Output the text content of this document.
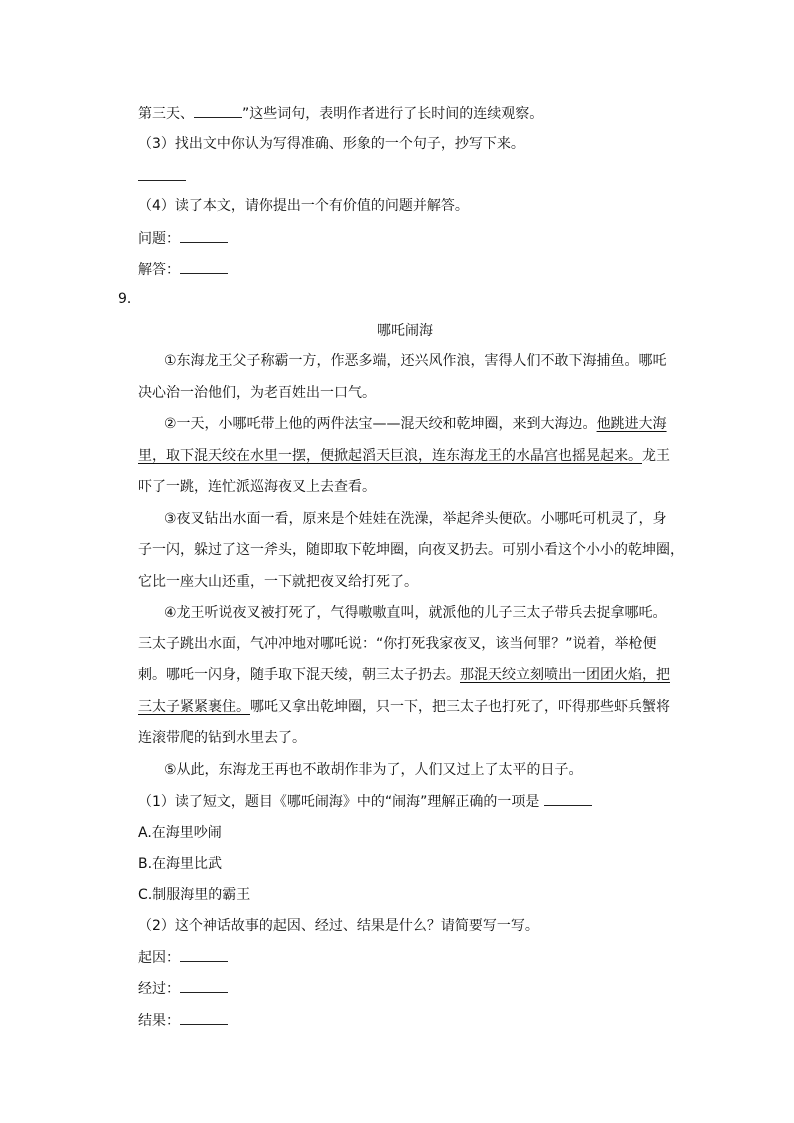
第三天、	”这些词句，表明作者进行了长时间的连续观察。
（3）找出文中你认为写得准确、形象的一个句子，抄写下来。
（4）读了本文，请你提出一个有价值的问题并解答。
问题：
解答：
9．
哪吒闹海
①东海龙王父子称霸一方，作恶多端，还兴风作浪，害得人们不敢下海捕鱼。哪吒
决心治一治他们，为老百姓出一口气。
②一天，小哪吒带上他的两件法宝——混天绞和乾坤圈，来到大海边。他跳进大海
里，取下混天绞在水里一摆，便掀起滔天巨浪，连东海龙王的水晶宫也摇晃起来。龙王
吓了一跳，连忙派巡海夜叉上去查看。
③夜叉钻出水面一看，原来是个娃娃在洗澡，举起斧头便砍。小哪吒可机灵了，身
子一闪，躲过了这一斧头，随即取下乾坤圈，向夜叉扔去。可别小看这个小小的乾坤圈，
它比一座大山还重，一下就把夜叉给打死了。
④龙王听说夜叉被打死了，气得嗷嗷直叫，就派他的儿子三太子带兵去捉拿哪吒。
三太子跳出水面，气冲冲地对哪吒说：“你打死我家夜叉，该当何罪？”说着，举枪便
刺。哪吒一闪身，随手取下混天绫，朝三太子扔去。那混天绞立刻喷出一团团火焰，把
三太子紧紧裹住。哪吒又拿出乾坤圈，只一下，把三太子也打死了，吓得那些虾兵蟹将
连滚带爬的钻到水里去了。
⑤从此，东海龙王再也不敢胡作非为了，人们又过上了太平的日子。
（1）读了短文，题目《哪吒闹海》中的“闹海”理解正确的一项是
A.在海里吵闹
B.在海里比武
C.制服海里的霸王
（2）这个神话故事的起因、经过、结果是什么？请简要写一写。
起因：
经过：
结果：
